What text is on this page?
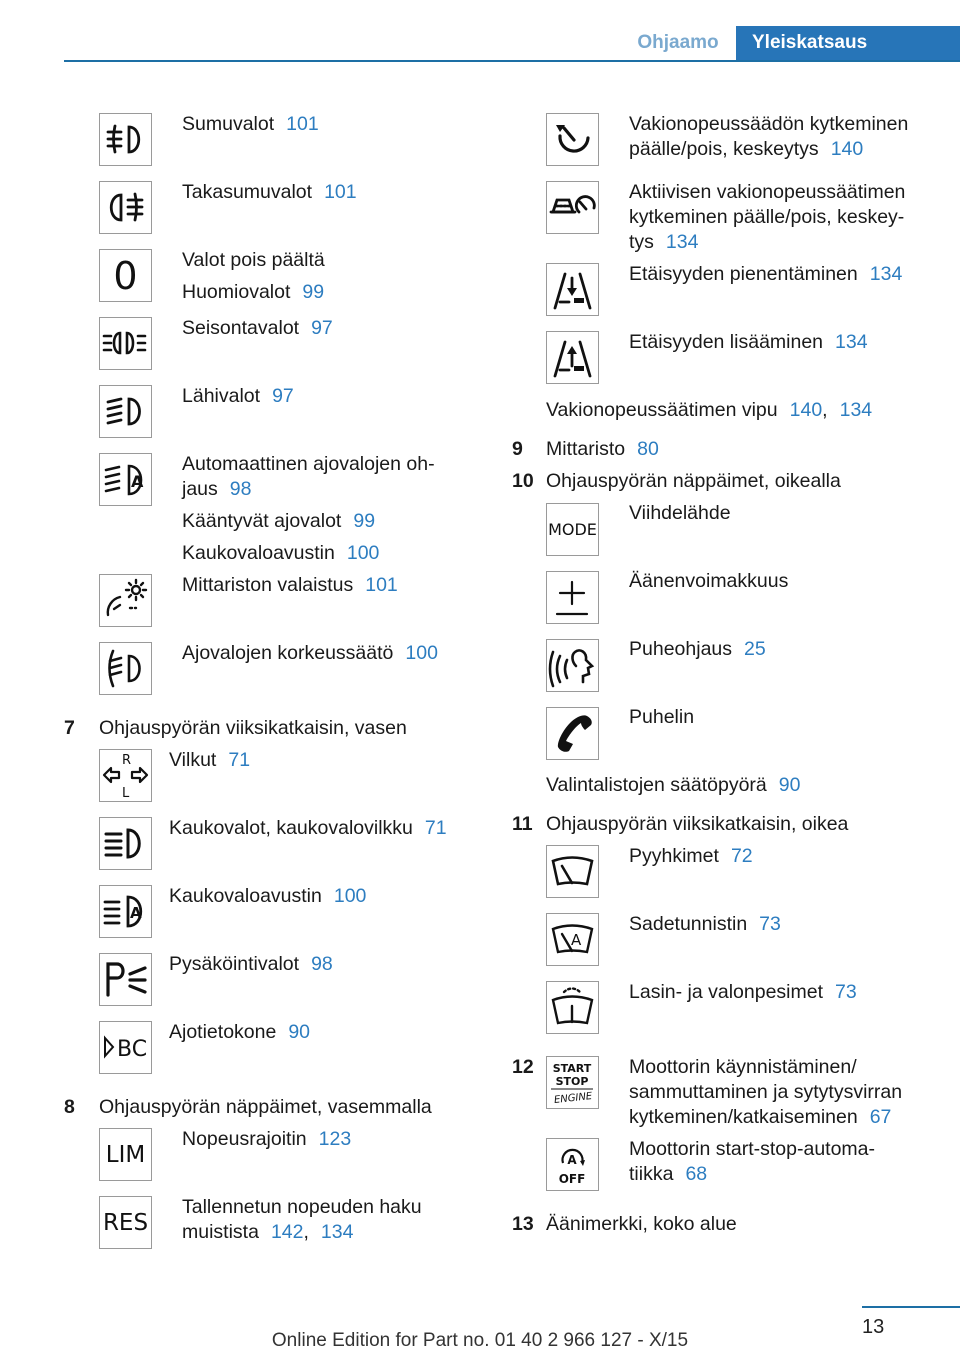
Ohjaamo	Yleiskatsaus
Sumuvalot 101
Takasumuvalot 101
0	Valot pois päältä
Huomiovalot 99
Seisontavalot 97
Lähivalot 97
A
Automaattinen ajovalojen oh-
jaus 98
Kääntyvät ajovalot 99
Kaukovaloavustin 100
Mittariston valaistus 101
Ajovalojen korkeussäätö 100
7 Ohjauspyörän viiksikatkaisin, vasen
R
L
Vilkut 71
Kaukovalot, kaukovalovilkku 71
A
Kaukovaloavustin 100
Pysäköintivalot 98
BC
Ajotietokone 90
8 Ohjauspyörän näppäimet, vasemmalla
LIM
Nopeusrajoitin 123
RES
Tallennetun nopeuden haku
muistista 142, 134
Vakionopeussäädön kytkeminen
päälle/pois, keskeytys 140
Aktiivisen vakionopeussäätimen
kytkeminen päälle/pois, keskey-
tys 134
Etäisyyden pienentäminen 134
Etäisyyden lisääminen 134
Vakionopeussäätimen vipu 140, 134
9 Mittaristo 80
10 Ohjauspyörän näppäimet, oikealla
MODE
Viihdelähde
Äänenvoimakkuus
Puheohjaus 25
Puhelin
Valintalistojen säätöpyörä 90
11 Ohjauspyörän viiksikatkaisin, oikea
Pyyhkimet 72
A
Sadetunnistin 73
Lasin- ja valonpesimet 73
12 START
STOP
ENGINE
Moottorin käynnistäminen/
sammuttaminen ja sytytysvirran
kytkeminen/katkaiseminen 67
A
OFF
Moottorin start-stop-automa-
tiikka 68
13 Äänimerkki, koko alue
13
Online Edition for Part no. 01 40 2 966 127 - X/15
